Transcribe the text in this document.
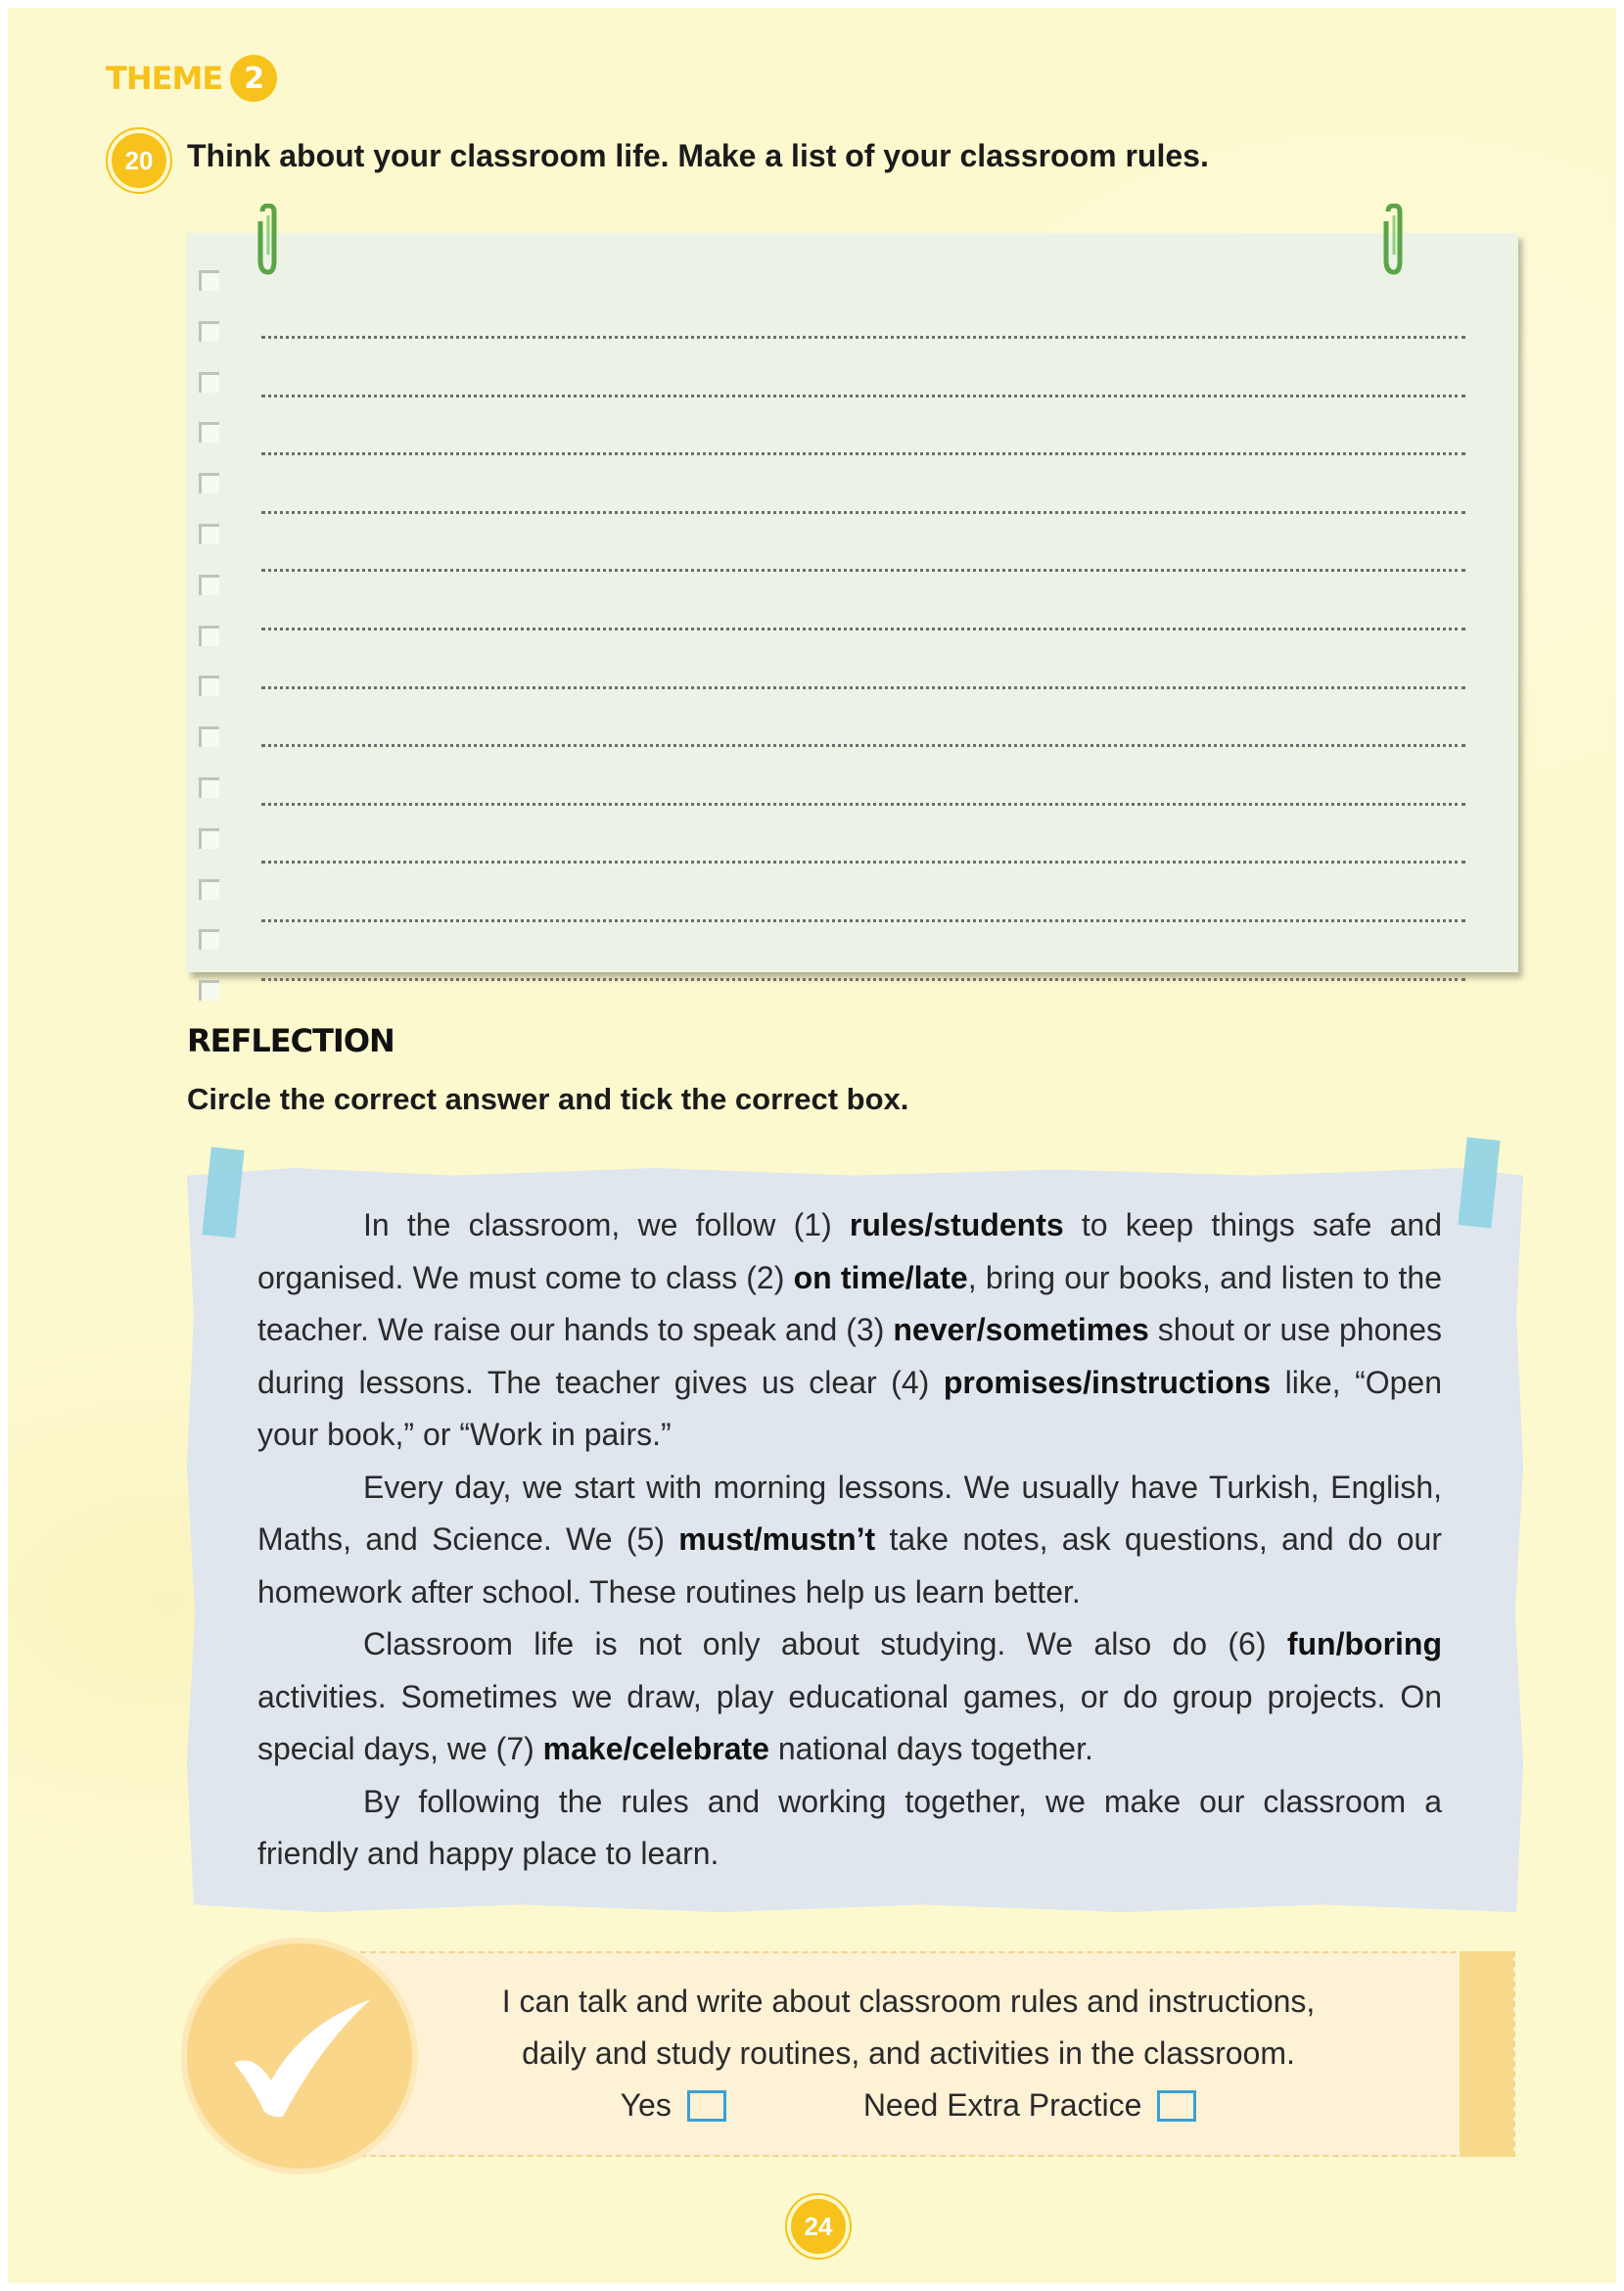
THEME 2
20	Think about your classroom life. Make a list of your classroom rules.
REFLECTION
Circle the correct answer and tick the correct box.

In the classroom, we follow (1) rules/students to keep things safe and organised. We must come to class (2) on time/late, bring our books, and listen to the teacher. We raise our hands to speak and (3) never/sometimes shout or use phones during lessons. The teacher gives us clear (4) promises/instructions like, “Open your book,” or “Work in pairs.”

Every day, we start with morning lessons. We usually have Turkish, English, Maths, and Science. We (5) must/mustn’t take notes, ask questions, and do our homework after school. These routines help us learn better.

Classroom life is not only about studying. We also do (6) fun/boring activities. Sometimes we draw, play educational games, or do group projects. On special days, we (7) make/celebrate national days together.

By following the rules and working together, we make our classroom a friendly and happy place to learn.

I can talk and write about classroom rules and instructions,
daily and study routines, and activities in the classroom.
Yes	Need Extra Practice
24
